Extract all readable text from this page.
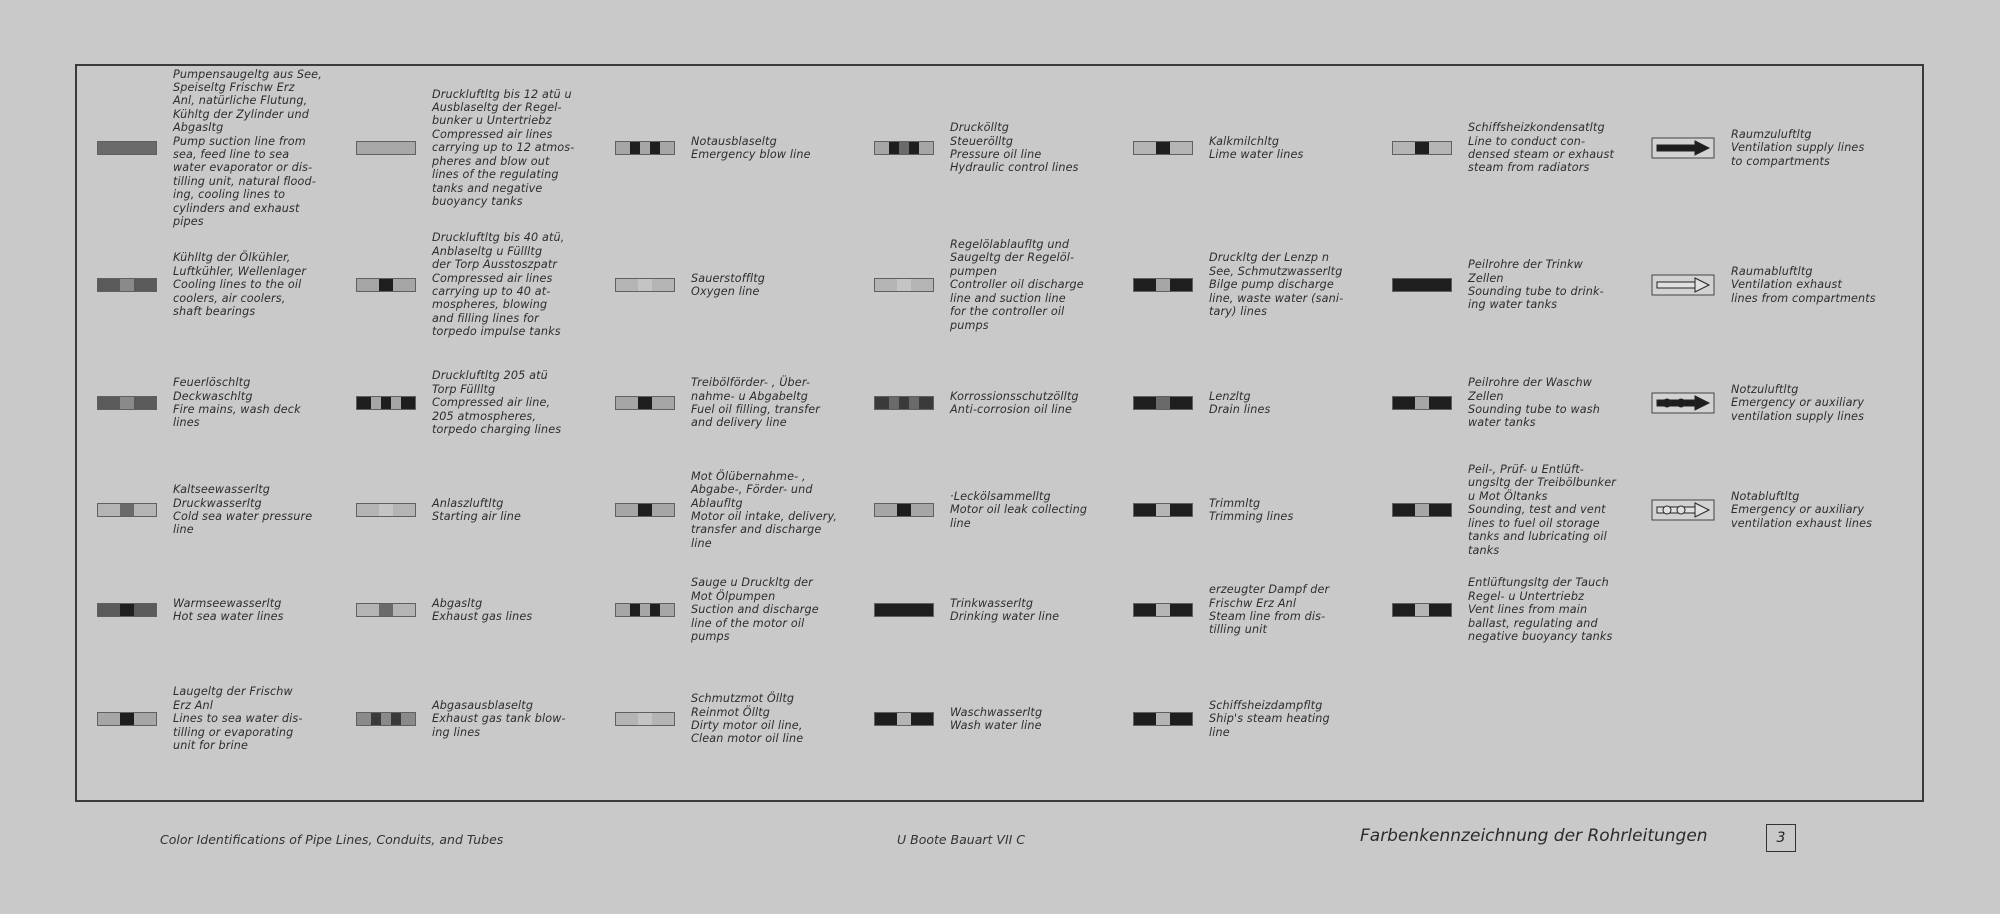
Pumpensaugeltg aus See,
Speiseltg Frischw Erz
Anl, natürliche Flutung,
Kühltg der Zylinder und
Abgasltg
Pump suction line from
sea, feed line to sea
water evaporator or dis-
tilling unit, natural flood-
ing, cooling lines to
cylinders and exhaust
pipes
Druckluftltg bis 12 atü u
Ausblaseltg der Regel-
bunker u Untertriebz
Compressed air lines
carrying up to 12 atmos-
pheres and blow out
lines of the regulating
tanks and negative
buoyancy tanks
Notausblaseltg
Emergency blow line
Druckölltg
Steuerölltg
Pressure oil line
Hydraulic control lines
Kalkmilchltg
Lime water lines
Schiffsheizkondensatltg
Line to conduct con-
densed steam or exhaust
steam from radiators
Raumzuluftltg
Ventilation supply lines
to compartments
Kühlltg der Ölkühler,
Luftkühler, Wellenlager
Cooling lines to the oil
coolers, air coolers,
shaft bearings
Druckluftltg bis 40 atü,
Anblaseltg u Füllltg
der Torp Ausstoszpatr
Compressed air lines
carrying up to 40 at-
mospheres, blowing
and filling lines for
torpedo impulse tanks
Sauerstoffltg
Oxygen line
Regelölablaufltg und
Saugeltg der Regelöl-
pumpen
Controller oil discharge
line and suction line
for the controller oil
pumps
Druckltg der Lenzp n
See, Schmutzwasserltg
Bilge pump discharge
line, waste water (sani-
tary) lines
Peilrohre der Trinkw
Zellen
Sounding tube to drink-
ing water tanks
Raumabluftltg
Ventilation exhaust
lines from compartments
Feuerlöschltg
Deckwaschltg
Fire mains, wash deck
lines
Druckluftltg 205 atü
Torp Füllltg
Compressed air line,
205 atmospheres,
torpedo charging lines
Treibölförder- , Über-
nahme- u Abgabeltg
Fuel oil filling, transfer
and delivery line
Korrossionsschutzölltg
Anti-corrosion oil line
Lenzltg
Drain lines
Peilrohre der Waschw
Zellen
Sounding tube to wash
water tanks
Notzuluftltg
Emergency or auxiliary
ventilation supply lines
Kaltseewasserltg
Druckwasserltg
Cold sea water pressure
line
Anlaszluftltg
Starting air line
Mot Ölübernahme- ,
Abgabe-, Förder- und
Ablaufltg
Motor oil intake, delivery,
transfer and discharge
line
·Leckölsammelltg
Motor oil leak collecting
line
Trimmltg
Trimming lines
Peil-, Prüf- u Entlüft-
ungsltg der Treibölbunker
u Mot Öltanks
Sounding, test and vent
lines to fuel oil storage
tanks and lubricating oil
tanks
Notabluftltg
Emergency or auxiliary
ventilation exhaust lines
Warmseewasserltg
Hot sea water lines
Abgasltg
Exhaust gas lines
Sauge u Druckltg der
Mot Ölpumpen
Suction and discharge
line of the motor oil
pumps
Trinkwasserltg
Drinking water line
erzeugter Dampf der
Frischw Erz Anl
Steam line from dis-
tilling unit
Entlüftungsltg der Tauch
Regel- u Untertriebz
Vent lines from main
ballast, regulating and
negative buoyancy tanks
Laugeltg der Frischw
Erz Anl
Lines to sea water dis-
tilling or evaporating
unit for brine
Abgasausblaseltg
Exhaust gas tank blow-
ing lines
Schmutzmot Ölltg
Reinmot Ölltg
Dirty motor oil line,
Clean motor oil line
Waschwasserltg
Wash water line
Schiffsheizdampfltg
Ship's steam heating
line
Color Identifications of Pipe Lines, Conduits, and Tubes	U Boote Bauart VII C	Farbenkennzeichnung der Rohrleitungen	3
